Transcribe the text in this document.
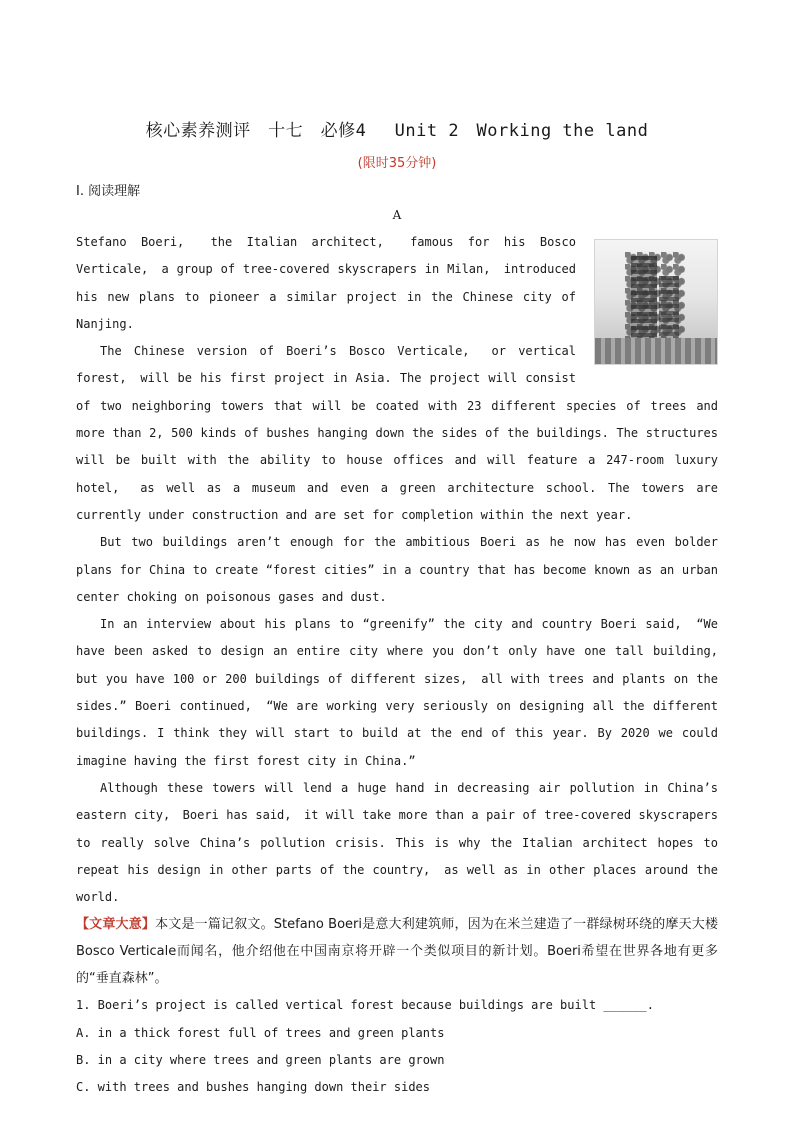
核心素养测评　十七　必修4　 Unit 2　Working the land
(限时35分钟)
Ⅰ. 阅读理解
A

Stefano Boeri,　the Italian architect,　famous for his Bosco Verticale,　a group of tree-covered skyscrapers in Milan,　introduced his new plans to pioneer a similar project in the Chinese city of Nanjing.

The Chinese version of Boeri’s Bosco Verticale,　or vertical forest,　will be his first project in Asia. The project will consist of two neighboring towers that will be coated with 23 different species of trees and more than 2, 500 kinds of bushes hanging down the sides of the buildings. The structures will be built with the ability to house offices and will feature a 247-room luxury hotel,　as well as a museum and even a green architecture school. The towers are currently under construction and are set for completion within the next year.

But two buildings aren’t enough for the ambitious Boeri as he now has even bolder plans for China to create “forest cities” in a country that has become known as an urban center choking on poisonous gases and dust.

In an interview about his plans to “greenify” the city and country Boeri said,　“We have been asked to design an entire city where you don’t only have one tall building,　but you have 100 or 200 buildings of different sizes,　all with trees and plants on the sides.” Boeri continued,　“We are working very seriously on designing all the different buildings. I think they will start to build at the end of this year. By 2020 we could imagine having the first forest city in China.”

Although these towers will lend a huge hand in decreasing air pollution in China’s eastern city,　Boeri has said,　it will take more than a pair of tree-covered skyscrapers to really solve China’s pollution crisis. This is why the Italian architect hopes to repeat his design in other parts of the country,　as well as in other places around the world.

【文章大意】本文是一篇记叙文。Stefano Boeri是意大利建筑师，因为在米兰建造了一群绿树环绕的摩天大楼Bosco Verticale而闻名，他介绍他在中国南京将开辟一个类似项目的新计划。Boeri希望在世界各地有更多的“垂直森林”。

1. Boeri’s project is called vertical forest because buildings are built ______.

A. in a thick forest full of trees and green plants

B. in a city where trees and green plants are grown

C. with trees and bushes hanging down their sides
